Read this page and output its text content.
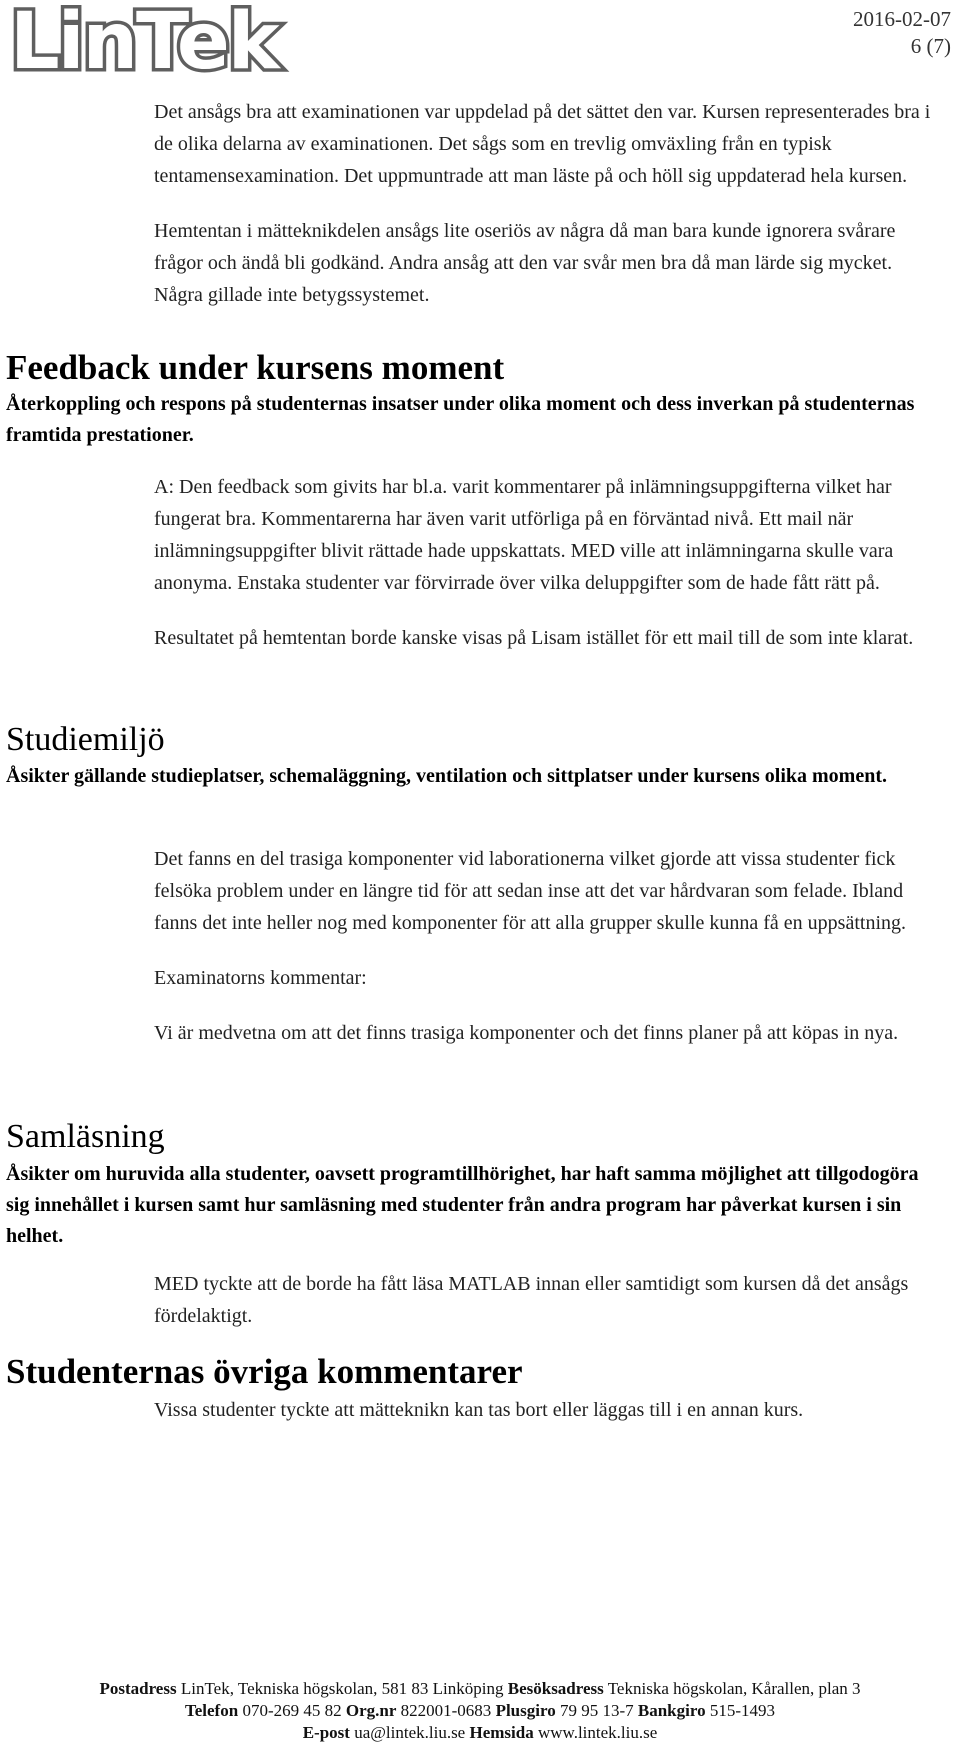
LinTek	2016-02-07
6 (7)

Det ansågs bra att examinationen var uppdelad på det sättet den var. Kursen representerades bra i de olika delarna av examinationen. Det sågs som en trevlig omväxling från en typisk tentamensexamination. Det uppmuntrade att man läste på och höll sig uppdaterad hela kursen.

Hemtentan i mätteknikdelen ansågs lite oseriös av några då man bara kunde ignorera svårare frågor och ändå bli godkänd. Andra ansåg att den var svår men bra då man lärde sig mycket. Några gillade inte betygssystemet.

Feedback under kursens moment
Återkoppling och respons på studenternas insatser under olika moment och dess inverkan på studenternas framtida prestationer.

A: Den feedback som givits har bl.a. varit kommentarer på inlämningsuppgifterna vilket har fungerat bra. Kommentarerna har även varit utförliga på en förväntad nivå. Ett mail när inlämningsuppgifter blivit rättade hade uppskattats. MED ville att inlämningarna skulle vara anonyma. Enstaka studenter var förvirrade över vilka deluppgifter som de hade fått rätt på.

Resultatet på hemtentan borde kanske visas på Lisam istället för ett mail till de som inte klarat.

Studiemiljö
Åsikter gällande studieplatser, schemaläggning, ventilation och sittplatser under kursens olika moment.

Det fanns en del trasiga komponenter vid laborationerna vilket gjorde att vissa studenter fick felsöka problem under en längre tid för att sedan inse att det var hårdvaran som felade. Ibland fanns det inte heller nog med komponenter för att alla grupper skulle kunna få en uppsättning.

Examinatorns kommentar:

Vi är medvetna om att det finns trasiga komponenter och det finns planer på att köpas in nya.

Samläsning
Åsikter om huruvida alla studenter, oavsett programtillhörighet, har haft samma möjlighet att tillgodogöra sig innehållet i kursen samt hur samläsning med studenter från andra program har påverkat kursen i sin helhet.

MED tyckte att de borde ha fått läsa MATLAB innan eller samtidigt som kursen då det ansågs fördelaktigt.

Studenternas övriga kommentarer

Vissa studenter tyckte att mätteknikn kan tas bort eller läggas till i en annan kurs.

Postadress LinTek, Tekniska högskolan, 581 83 Linköping Besöksadress Tekniska högskolan, Kårallen, plan 3
Telefon 070-269 45 82 Org.nr 822001-0683 Plusgiro 79 95 13-7 Bankgiro 515-1493
E-post ua@lintek.liu.se Hemsida www.lintek.liu.se
